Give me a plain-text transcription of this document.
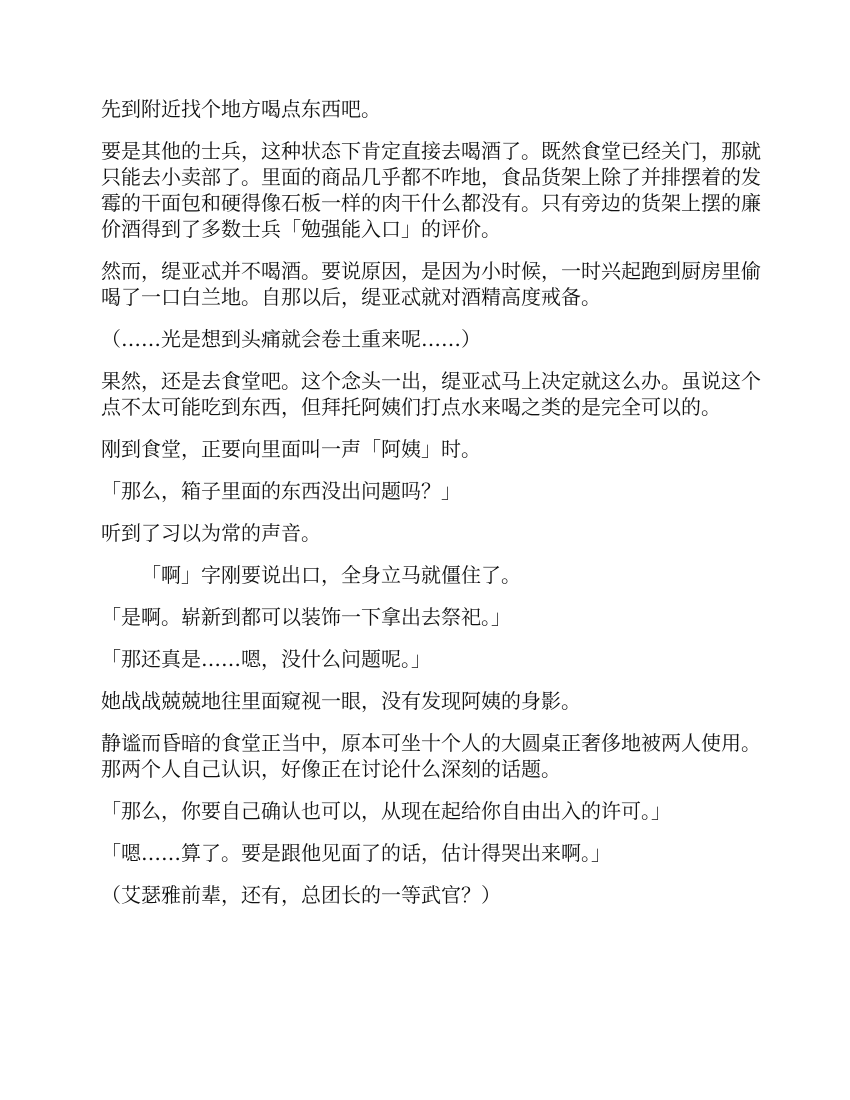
先到附近找个地方喝点东西吧。

要是其他的士兵，这种状态下肯定直接去喝酒了。既然食堂已经关门，那就只能去小卖部了。里面的商品几乎都不咋地，食品货架上除了并排摆着的发霉的干面包和硬得像石板一样的肉干什么都没有。只有旁边的货架上摆的廉价酒得到了多数士兵「勉强能入口」的评价。

然而，缇亚忒并不喝酒。要说原因，是因为小时候，一时兴起跑到厨房里偷喝了一口白兰地。自那以后，缇亚忒就对酒精高度戒备。

（……光是想到头痛就会卷土重来呢……）

果然，还是去食堂吧。这个念头一出，缇亚忒马上决定就这么办。虽说这个点不太可能吃到东西，但拜托阿姨们打点水来喝之类的是完全可以的。

刚到食堂，正要向里面叫一声「阿姨」时。

「那么，箱子里面的东西没出问题吗？」

听到了习以为常的声音。

「啊」字刚要说出口，全身立马就僵住了。

「是啊。崭新到都可以装饰一下拿出去祭祀。」

「那还真是……嗯，没什么问题呢。」

她战战兢兢地往里面窥视一眼，没有发现阿姨的身影。

静谧而昏暗的食堂正当中，原本可坐十个人的大圆桌正奢侈地被两人使用。那两个人自己认识，好像正在讨论什么深刻的话题。

「那么，你要自己确认也可以，从现在起给你自由出入的许可。」

「嗯……算了。要是跟他见面了的话，估计得哭出来啊。」

（艾瑟雅前辈，还有，总团长的一等武官？）
